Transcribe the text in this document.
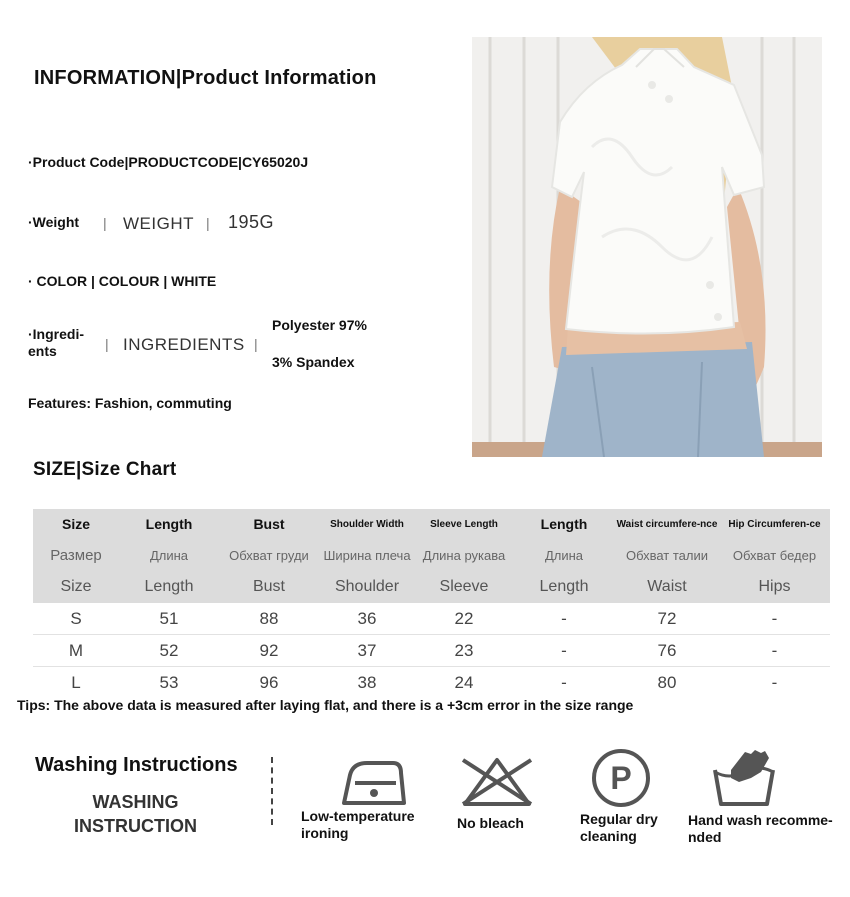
INFORMATION|Product Information
·Product Code|PRODUCTCODE|CY65020J
·Weight | WEIGHT | 195G
· COLOR | COLOUR | WHITE
·Ingredi-ents	| INGREDIENTS |
Polyester 97%
3% Spandex
Features: Fashion, commuting
SIZE|Size Chart
Size	Length	Bust	Shoulder Width	Sleeve Length	Length	Waist circumfere-nce	Hip Circumferen-ce
Размер	Длина	Обхват груди	Ширина плеча	Длина рукава	Длина	Обхват талии	Обхват бедер
Size	Length	Bust	Shoulder	Sleeve	Length	Waist	Hips
S	51	88	36	22	-	72	-
M	52	92	37	23	-	76	-
L	53	96	38	24	-	80	-
Tips: The above data is measured after laying flat, and there is a +3cm error in the size range
Washing Instructions
WASHING
INSTRUCTION	Low-temperature
ironing
No bleach
P
Regular dry
cleaning
Hand wash recomme-
nded
